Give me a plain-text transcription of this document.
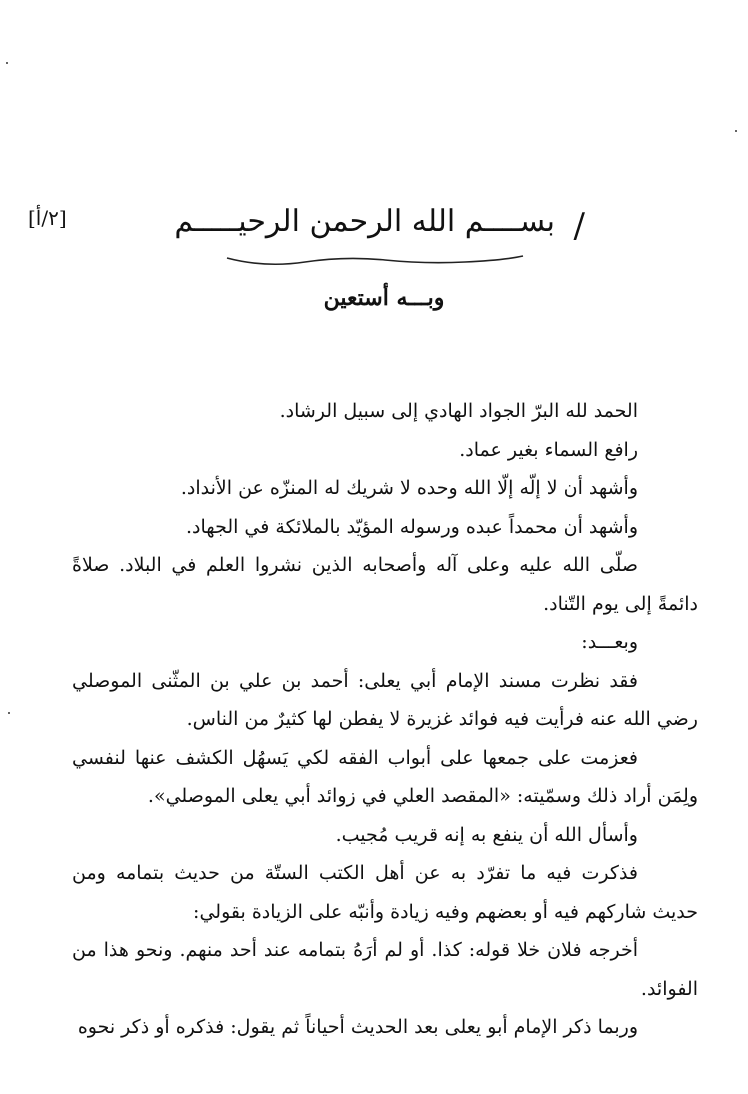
[٢/أ]	/
بســــم الله الرحمن الرحيـــــم
وبـــه أستعين

الحمد لله البرّ الجواد الهادي إلى سبيل الرشاد.

رافع السماء بغير عماد.

وأشهد أن لا إلّه إلّا الله وحده لا شريك له المنزّه عن الأنداد.

وأشهد أن محمداً عبده ورسوله المؤيّد بالملائكة في الجهاد.

صلّى الله عليه وعلى آله وأصحابه الذين نشروا العلم في البلاد. صلاةً دائمةً إلى يوم التّناد.

وبعـــد:

فقد نظرت مسند الإمام أبي يعلى: أحمد بن علي بن المثّنى الموصلي رضي الله عنه فرأيت فيه فوائد غزيرة لا يفطن لها كثيرٌ من الناس.

فعزمت على جمعها على أبواب الفقه لكي يَسهُل الكشف عنها لنفسي ولِمَن أراد ذلك وسمّيته: «المقصد العلي في زوائد أبي يعلى الموصلي».

وأسأل الله أن ينفع به إنه قريب مُجيب.

فذكرت فيه ما تفرّد به عن أهل الكتب الستّة من حديث بتمامه ومن حديث شاركهم فيه أو بعضهم وفيه زيادة وأنبّه على الزيادة بقولي:

أخرجه فلان خلا قوله: كذا. أو لم أرَهُ بتمامه عند أحد منهم. ونحو هذا من الفوائد.

وربما ذكر الإمام أبو يعلى بعد الحديث أحياناً ثم يقول: فذكره أو ذكر نحوه
